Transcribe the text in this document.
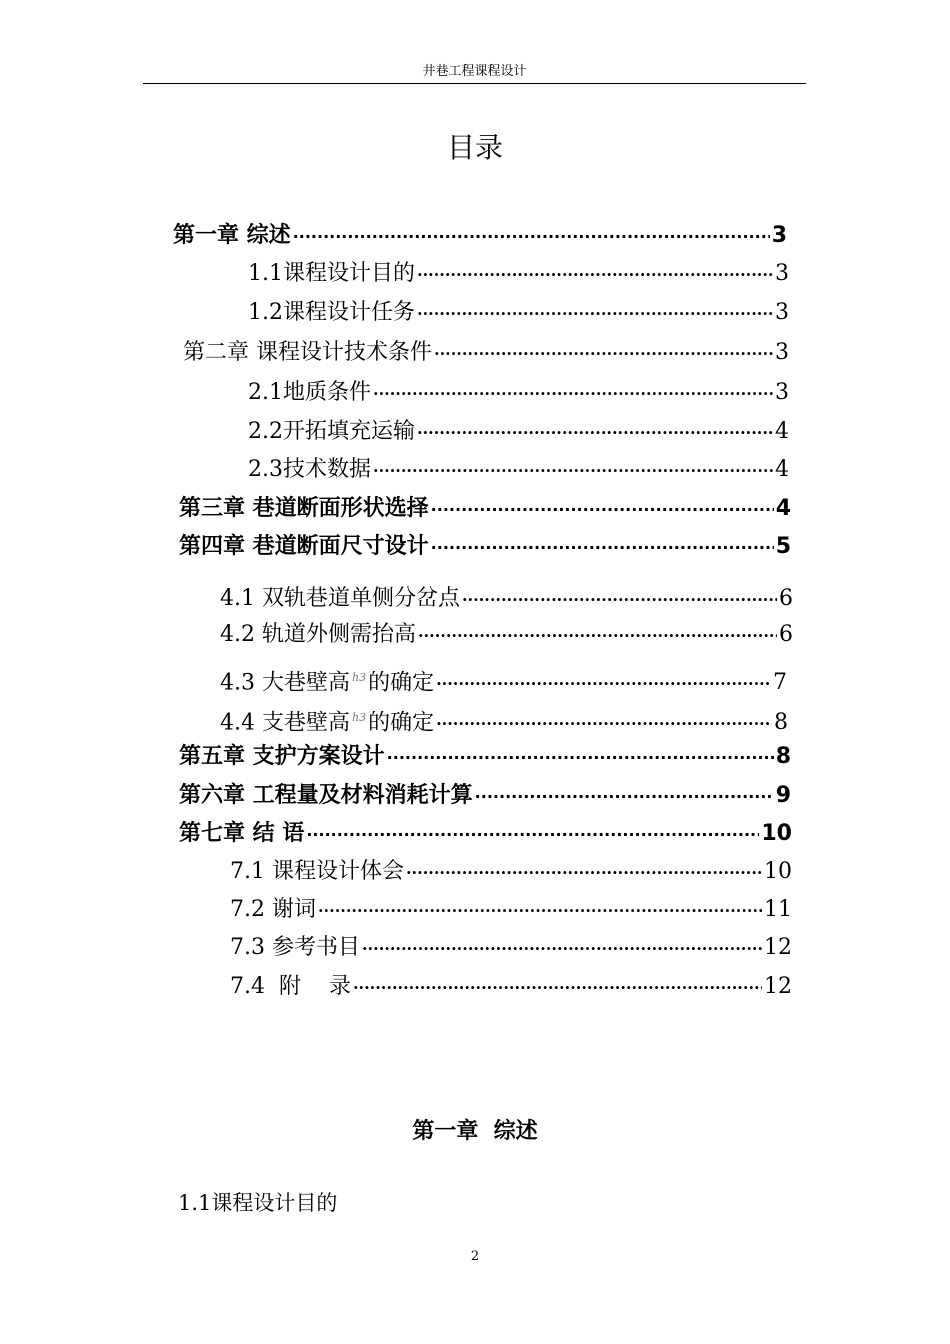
井巷工程课程设计
目录
第一章 综述 ·····	3
1.1课程设计目的 ·····	3
1.2课程设计任务 ·····	3
第二章 课程设计技术条件 ·····	3
2.1地质条件 ·····	3
2.2开拓填充运输 ·····	4
2.3技术数据 ·····	4
第三章 巷道断面形状选择 ·····	4
第四章 巷道断面尺寸设计 ·····	5
4.1 双轨巷道单侧分岔点 ·····	6
4.2 轨道外侧需抬高 ·····	6
4.3 大巷壁高 $^{h3}$的确定 ·····	7
4.4 支巷壁高 $^{h3}$的确定 ·····	8
第五章 支护方案设计 ·····	8
第六章 工程量及材料消耗计算 ·····	9
第七章 结 语 ·····	10
7.1 课程设计体会 ·····	10
7.2 谢词 ·····	11
7.3 参考书目 ·····	12
7.4  附    录 ·····	12
第一章  综述
1.1课程设计目的
2
